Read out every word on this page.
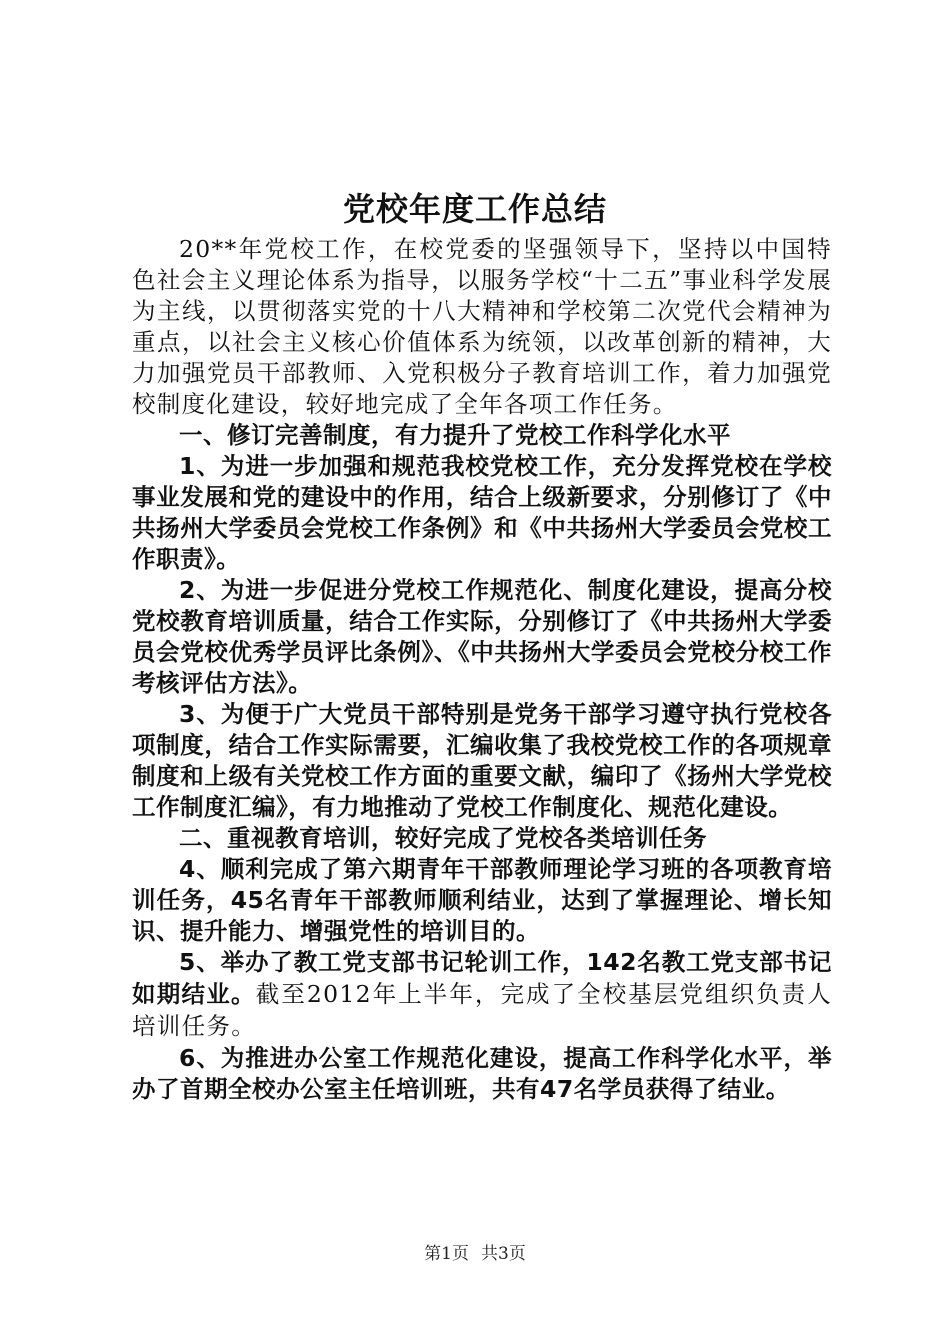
党校年度工作总结

20**年党校工作，在校党委的坚强领导下，坚持以中国特色社会主义理论体系为指导，以服务学校“十二五”事业科学发展为主线，以贯彻落实党的十八大精神和学校第二次党代会精神为重点，以社会主义核心价值体系为统领，以改革创新的精神，大力加强党员干部教师、入党积极分子教育培训工作，着力加强党校制度化建设，较好地完成了全年各项工作任务。

一、修订完善制度，有力提升了党校工作科学化水平

1、为进一步加强和规范我校党校工作，充分发挥党校在学校事业发展和党的建设中的作用，结合上级新要求，分别修订了《中共扬州大学委员会党校工作条例》和《中共扬州大学委员会党校工作职责》。

2、为进一步促进分党校工作规范化、制度化建设，提高分校党校教育培训质量，结合工作实际，分别修订了《中共扬州大学委员会党校优秀学员评比条例》、《中共扬州大学委员会党校分校工作考核评估方法》。

3、为便于广大党员干部特别是党务干部学习遵守执行党校各项制度，结合工作实际需要，汇编收集了我校党校工作的各项规章制度和上级有关党校工作方面的重要文献，编印了《扬州大学党校工作制度汇编》，有力地推动了党校工作制度化、规范化建设。

二、重视教育培训，较好完成了党校各类培训任务

4、顺利完成了第六期青年干部教师理论学习班的各项教育培训任务，45名青年干部教师顺利结业，达到了掌握理论、增长知识、提升能力、增强党性的培训目的。

5、举办了教工党支部书记轮训工作，142名教工党支部书记如期结业。截至2012年上半年，完成了全校基层党组织负责人培训任务。

6、为推进办公室工作规范化建设，提高工作科学化水平，举办了首期全校办公室主任培训班，共有47名学员获得了结业。

第1页 共3页
